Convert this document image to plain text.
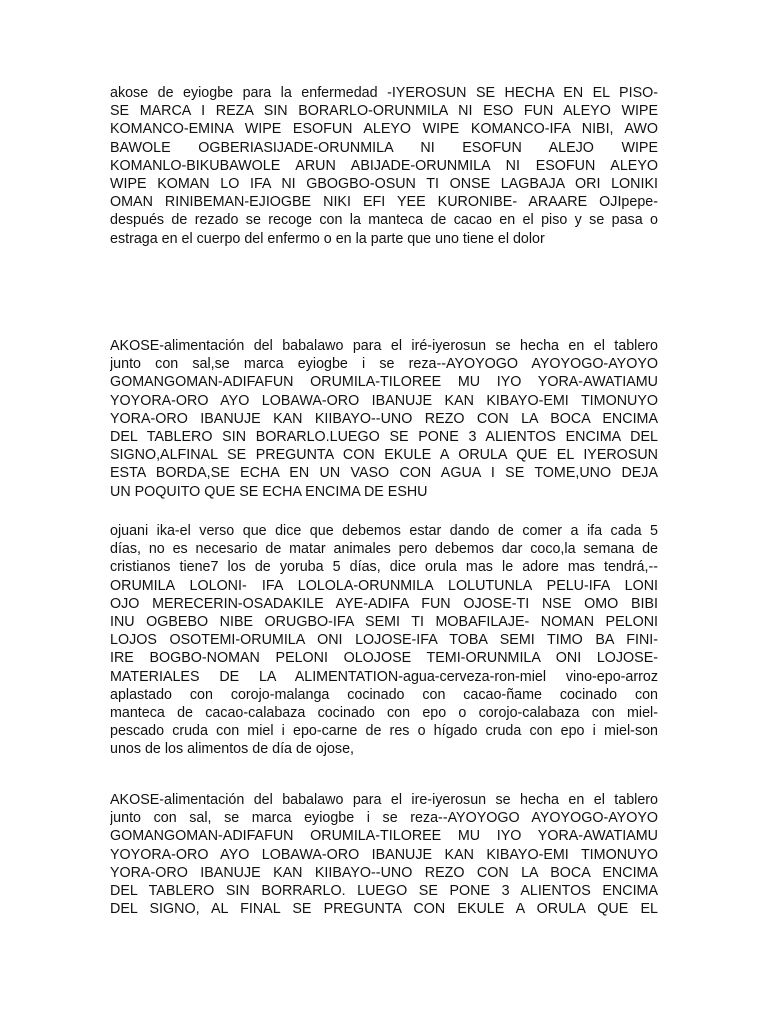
akose de eyiogbe para la enfermedad -IYEROSUN SE HECHA EN EL PISO-
SE MARCA I REZA SIN BORARLO-ORUNMILA NI ESO FUN ALEYO WIPE
KOMANCO-EMINA WIPE ESOFUN ALEYO WIPE KOMANCO-IFA NIBI, AWO
BAWOLE OGBERIASIJADE-ORUNMILA NI ESOFUN ALEJO WIPE
KOMANLO-BIKUBAWOLE ARUN ABIJADE-ORUNMILA NI ESOFUN ALEYO
WIPE KOMAN LO IFA NI GBOGBO-OSUN TI ONSE LAGBAJA ORI LONIKI
OMAN RINIBEMAN-EJIOGBE NIKI EFI YEE KURONIBE- ARAARE OJIpepe-
después de rezado se recoge con la manteca de cacao en el piso y se pasa o
estraga en el cuerpo del enfermo o en la parte que uno tiene el dolor
AKOSE-alimentación del babalawo para el iré-iyerosun se hecha en el tablero
junto con sal,se marca eyiogbe i se reza--AYOYOGO AYOYOGO-AYOYO
GOMANGOMAN-ADIFAFUN ORUMILA-TILOREE MU IYO YORA-AWATIAMU
YOYORA-ORO AYO LOBAWA-ORO IBANUJE KAN KIBAYO-EMI TIMONUYO
YORA-ORO IBANUJE KAN KIIBAYO--UNO REZO CON LA BOCA ENCIMA
DEL TABLERO SIN BORARLO.LUEGO SE PONE 3 ALIENTOS ENCIMA DEL
SIGNO,ALFINAL SE PREGUNTA CON EKULE A ORULA QUE EL IYEROSUN
ESTA BORDA,SE ECHA EN UN VASO CON AGUA I SE TOME,UNO DEJA
UN POQUITO QUE SE ECHA ENCIMA DE ESHU
ojuani ika-el verso que dice que debemos estar dando de comer a ifa cada 5
días, no es necesario de matar animales pero debemos dar coco,la semana de
cristianos tiene7 los de yoruba 5 días, dice orula mas le adore mas tendrá,--
ORUMILA LOLONI- IFA LOLOLA-ORUNMILA LOLUTUNLA PELU-IFA LONI
OJO MERECERIN-OSADAKILE AYE-ADIFA FUN OJOSE-TI NSE OMO BIBI
INU OGBEBO NIBE ORUGBO-IFA SEMI TI MOBAFILAJE- NOMAN PELONI
LOJOS OSOTEMI-ORUMILA ONI LOJOSE-IFA TOBA SEMI TIMO BA FINI-
IRE BOGBO-NOMAN PELONI OLOJOSE TEMI-ORUNMILA ONI LOJOSE-
MATERIALES DE LA ALIMENTATION-agua-cerveza-ron-miel vino-epo-arroz
aplastado con corojo-malanga cocinado con cacao-ñame cocinado con
manteca de cacao-calabaza cocinado con epo o corojo-calabaza con miel-
pescado cruda con miel i epo-carne de res o hígado cruda con epo i miel-son
unos de los alimentos de día de ojose,
AKOSE-alimentación del babalawo para el ire-iyerosun se hecha en el tablero
junto con sal, se marca eyiogbe i se reza--AYOYOGO AYOYOGO-AYOYO
GOMANGOMAN-ADIFAFUN ORUMILA-TILOREE MU IYO YORA-AWATIAMU
YOYORA-ORO AYO LOBAWA-ORO IBANUJE KAN KIBAYO-EMI TIMONUYO
YORA-ORO IBANUJE KAN KIIBAYO--UNO REZO CON LA BOCA ENCIMA
DEL TABLERO SIN BORRARLO. LUEGO SE PONE 3 ALIENTOS ENCIMA
DEL SIGNO, AL FINAL SE PREGUNTA CON EKULE A ORULA QUE EL
